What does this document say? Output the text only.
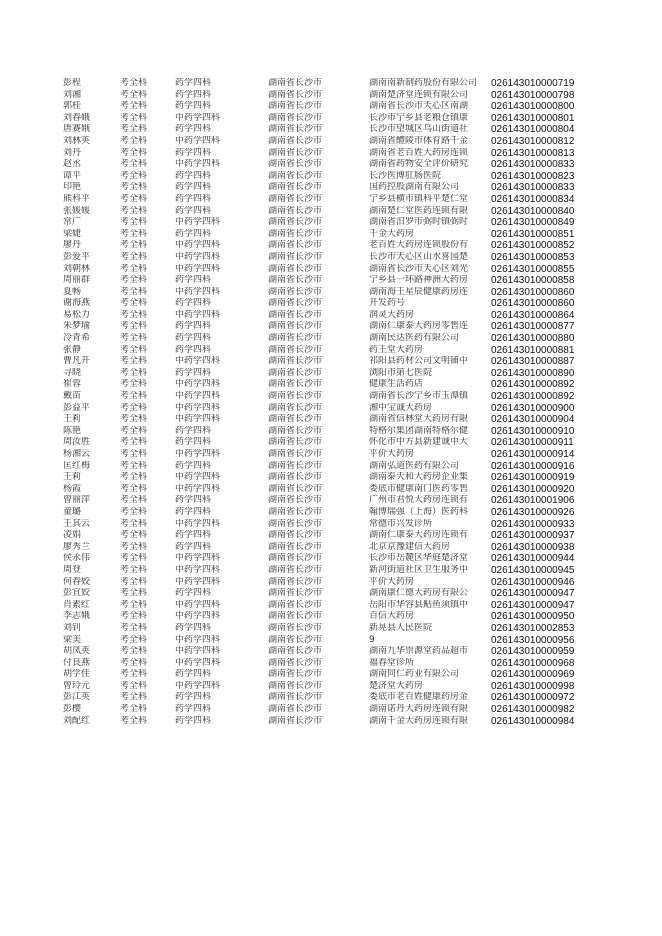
彭程	考全科	药学四科	湖南省长沙市	湖南南新制药股份有限公司	026143010000719
刘湘	考全科	药学四科	湖南省长沙市	湖南楚济堂连锁有限公司	026143010000798
郭桂	考全科	药学四科	湖南省长沙市	湖南省长沙市天心区南湖	026143010000800
刘春娥	考全科	中药学四科	湖南省长沙市	长沙市宁乡县老粮仓镇康	026143010000801
唐赛娥	考全科	药学四科	湖南省长沙市	长沙市望城区乌山街道社	026143010000804
刘林英	考全科	中药学四科	湖南省长沙市	湖南省醴陵市体育路千金	026143010000812
刘丹	考全科	药学四科	湖南省长沙市	湖南省老百姓大药房连锁	026143010000813
赵丞	考全科	中药学四科	湖南省长沙市	湖南省药物安全评价研究	026143010000833
谭平	考全科	药学四科	湖南省长沙市	长沙医博肛肠医院	026143010000823
印艳	考全科	药学四科	湖南省长沙市	国药控股湖南有限公司	026143010000833
熊科平	考全科	药学四科	湖南省长沙市	宁乡县横市镇科平楚仁堂	026143010000834
张媛媛	考全科	药学四科	湖南省长沙市	湖南楚仁堂医药连锁有限	026143010000840
常广	考全科	中药学四科	湖南省长沙市	湖南省汨罗市弼时镇弼时	026143010000849
梁婕	考全科	药学四科	湖南省长沙市	千金大药房	026143010000851
廖丹	考全科	中药学四科	湖南省长沙市	老百姓大药房连锁股份有	026143010000852
彭爱平	考全科	中药学四科	湖南省长沙市	长沙市天心区山水喜园楚	026143010000853
刘朝林	考全科	中药学四科	湖南省长沙市	湖南省长沙市天心区刘光	026143010000855
周丽群	考全科	药学四科	湖南省长沙市	宁乡县一环路神洲大药房	026143010000858
夏畅	考全科	中药学四科	湖南省长沙市	湖南海王星辰健康药房连	026143010000860
谢海燕	考全科	药学四科	湖南省长沙市	开发药号	026143010000860
易松力	考全科	中药学四科	湖南省长沙市	润灵大药房	026143010000864
朱梦瑜	考全科	药学四科	湖南省长沙市	湖南仁康泰大药房零售连	026143010000877
冷青希	考全科	药学四科	湖南省长沙市	湖南民达医药有限公司	026143010000880
张静	考全科	药学四科	湖南省长沙市	药王堂大药房	026143010000881
曹凡开	考全科	中药学四科	湖南省长沙市	祁阳县药材公司文明铺中	026143010000887
寻晓	考全科	药学四科	湖南省长沙市	浏阳市第七医院	026143010000890
崔蓉	考全科	中药学四科	湖南省长沙市	健康生活药店	026143010000892
戴苗	考全科	中药学四科	湖南省长沙市	湖南省长沙宁乡市玉潭镇	026143010000892
彭益平	考全科	中药学四科	湖南省长沙市	湘中宝诚大药房	026143010000900
王莉	考全科	中药学四科	湖南省长沙市	湖南省信林堂大药房有限	026143010000904
陈艳	考全科	药学四科	湖南省长沙市	特格尔集团湖南特格尔健	026143010000910
周汝胜	考全科	药学四科	湖南省长沙市	怀化市中方县新建诚中大	026143010000911
杨湘云	考全科	中药学四科	湖南省长沙市	平价大药房	026143010000914
匡红梅	考全科	药学四科	湖南省长沙市	湖南弘道医药有限公司	026143010000916
王莉	考全科	中药学四科	湖南省长沙市	湖南泰天和大药房企业集	026143010000919
杨霞	考全科	中药学四科	湖南省长沙市	娄底市健康南门医药零售	026143010000920
曾丽萍	考全科	药学四科	湖南省长沙市	广州市君悦大药房连锁有	026143010001906
童璐	考全科	药学四科	湖南省长沙市	翰博瑞强（上海）医药科	026143010000926
王其云	考全科	中药学四科	湖南省长沙市	常德市兴发诊所	026143010000933
凌娟	考全科	药学四科	湖南省长沙市	湖南仁康泰大药房连锁有	026143010000937
廖秀兰	考全科	药学四科	湖南省长沙市	北京京豫建信大药房	026143010000938
侯永伟	考全科	中药学四科	湖南省长沙市	长沙市岳麓区华庭楚济堂	026143010000944
周登	考全科	中药学四科	湖南省长沙市	新河街道社区卫生服务中	026143010000945
何春姣	考全科	中药学四科	湖南省长沙市	平价大药房	026143010000946
彭宜姣	考全科	药学四科	湖南省长沙市	湖南康仁德大药房有限公	026143010000947
肖素红	考全科	中药学四科	湖南省长沙市	岳阳市华容县鲇鱼须镇中	026143010000947
李志娥	考全科	中药学四科	湖南省长沙市	百信大药房	026143010000950
刘钊	考全科	药学四科	湖南省长沙市	新晃县人民医院	026143010002853
梁美	考全科	中药学四科	湖南省长沙市	9	026143010000956
胡凤英	考全科	中药学四科	湖南省长沙市	湖南九华崇源堂药品超市	026143010000959
付良燕	考全科	中药学四科	湖南省长沙市	福春堂诊所	026143010000968
胡学佳	考全科	药学四科	湖南省长沙市	湖南同仁药业有限公司	026143010000969
曾玲元	考全科	中药学四科	湖南省长沙市	楚济堂大药房	026143010000998
彭江英	考全科	药学四科	湖南省长沙市	娄底市老百姓健康药房金	026143010000972
彭樱	考全科	药学四科	湖南省长沙市	湖南诺丹大药房连锁有限	026143010000982
刘配红	考全科	药学四科	湖南省长沙市	湖南千金大药房连锁有限	026143010000984
